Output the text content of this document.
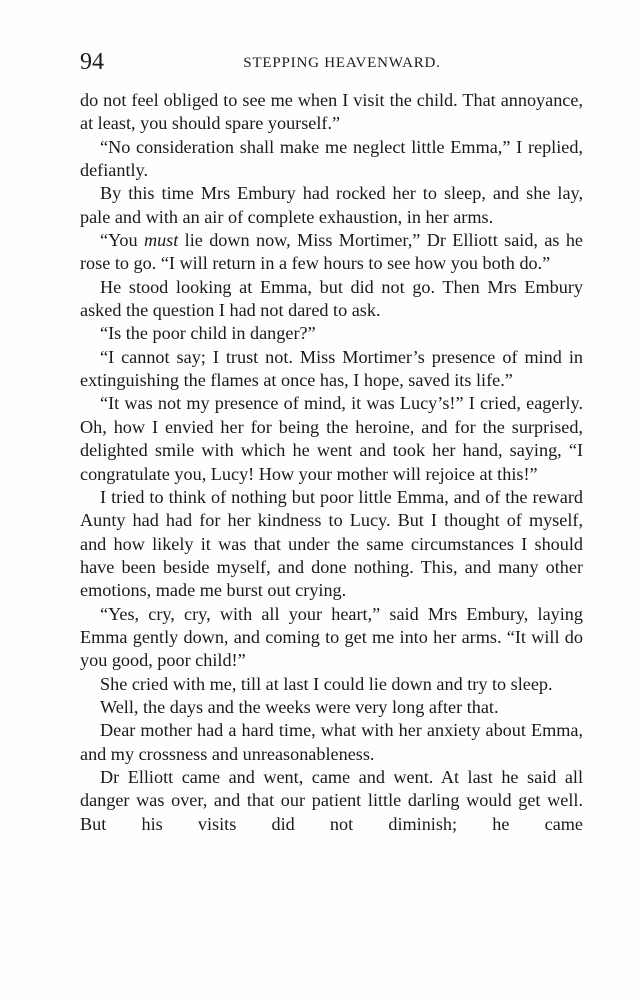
94	STEPPING HEAVENWARD.

do not feel obliged to see me when I visit the child. That annoyance, at least, you should spare yourself.”

“No consideration shall make me neglect little Emma,” I replied, defiantly.

By this time Mrs Embury had rocked her to sleep, and she lay, pale and with an air of complete exhaustion, in her arms.

“You must lie down now, Miss Mortimer,” Dr Elliott said, as he rose to go. “I will return in a few hours to see how you both do.”

He stood looking at Emma, but did not go. Then Mrs Embury asked the question I had not dared to ask.

“Is the poor child in danger?”

“I cannot say; I trust not. Miss Mortimer’s presence of mind in extinguishing the flames at once has, I hope, saved its life.”

“It was not my presence of mind, it was Lucy’s!” I cried, eagerly. Oh, how I envied her for being the heroine, and for the surprised, delighted smile with which he went and took her hand, saying, “I congratulate you, Lucy! How your mother will rejoice at this!”

I tried to think of nothing but poor little Emma, and of the reward Aunty had had for her kindness to Lucy. But I thought of myself, and how likely it was that under the same circumstances I should have been beside myself, and done nothing. This, and many other emotions, made me burst out crying.

“Yes, cry, cry, with all your heart,” said Mrs Embury, laying Emma gently down, and coming to get me into her arms. “It will do you good, poor child!”

She cried with me, till at last I could lie down and try to sleep.

Well, the days and the weeks were very long after that.

Dear mother had a hard time, what with her anxiety about Emma, and my crossness and unreasonableness.

Dr Elliott came and went, came and went. At last he said all danger was over, and that our patient little darling would get well. But his visits did not diminish; he came
